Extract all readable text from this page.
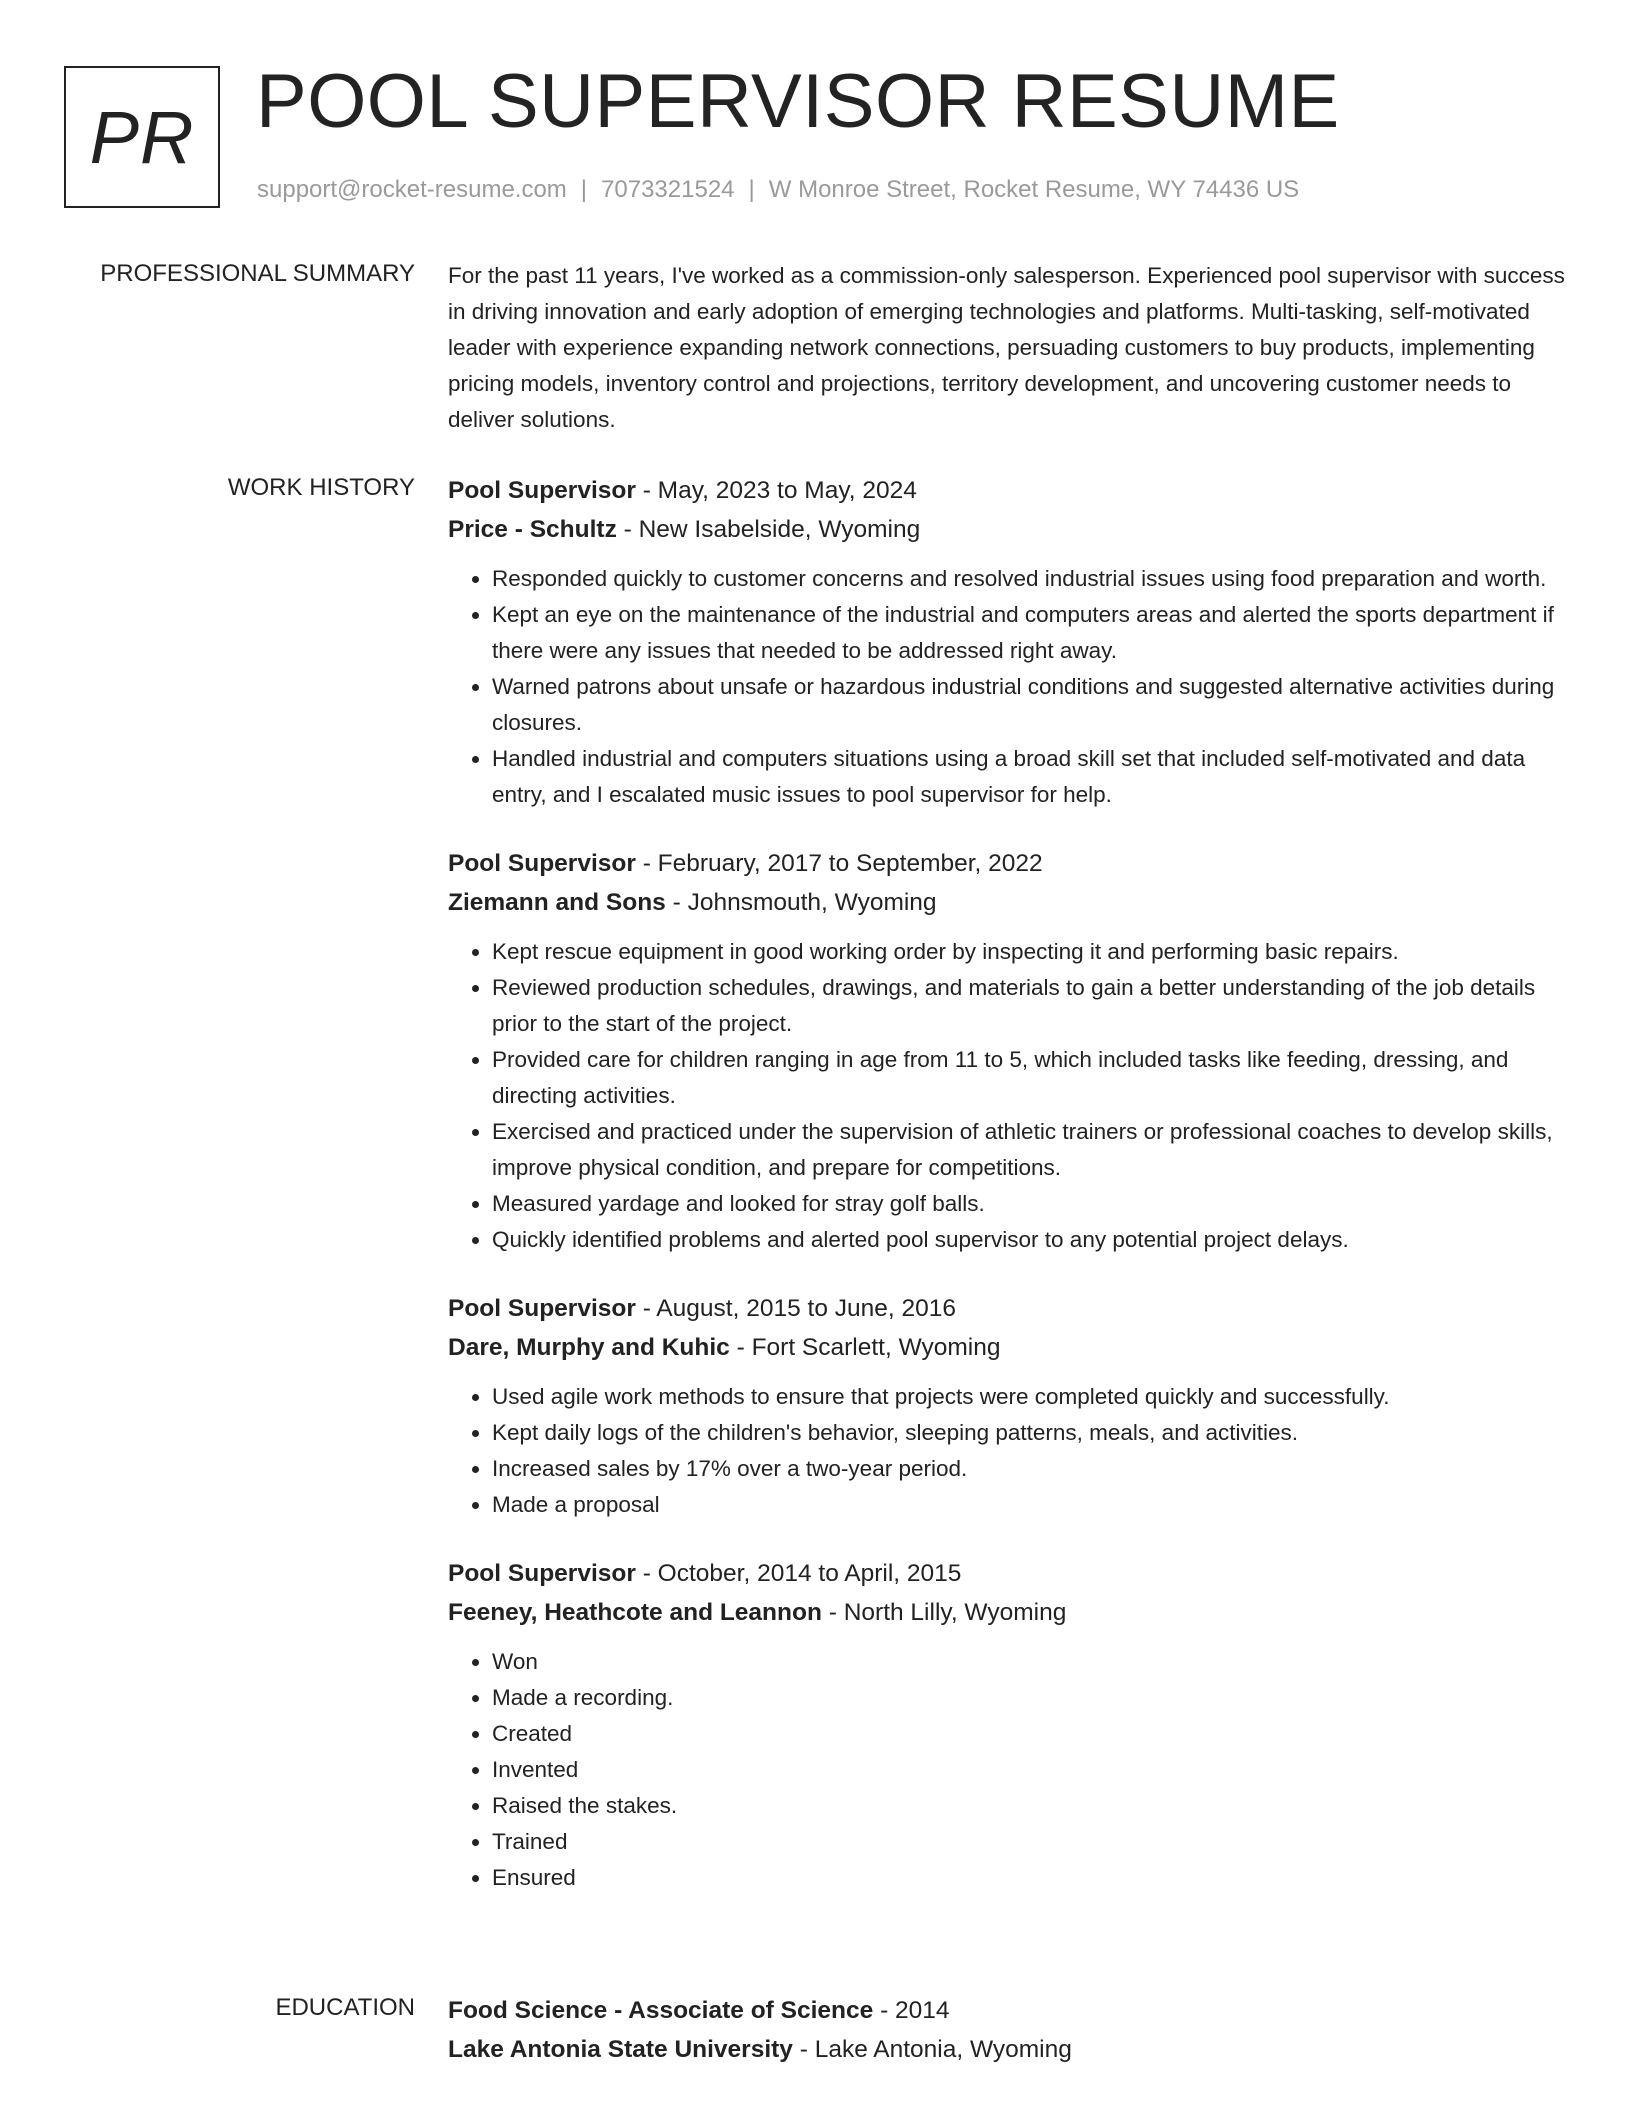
PR POOL SUPERVISOR RESUME
support@rocket-resume.com | 7073321524 | W Monroe Street, Rocket Resume, WY 74436 US
PROFESSIONAL SUMMARY For the past 11 years, I've worked as a commission-only salesperson. Experienced pool supervisor with success in driving innovation and early adoption of emerging technologies and platforms. Multi-tasking, self-motivated leader with experience expanding network connections, persuading customers to buy products, implementing pricing models, inventory control and projections, territory development, and uncovering customer needs to deliver solutions.

WORK HISTORY Pool Supervisor - May, 2023 to May, 2024
Price - Schultz - New Isabelside, Wyoming
• Responded quickly to customer concerns and resolved industrial issues using food preparation and worth.
• Kept an eye on the maintenance of the industrial and computers areas and alerted the sports department if there were any issues that needed to be addressed right away.
• Warned patrons about unsafe or hazardous industrial conditions and suggested alternative activities during closures.
• Handled industrial and computers situations using a broad skill set that included self-motivated and data entry, and I escalated music issues to pool supervisor for help.
Pool Supervisor - February, 2017 to September, 2022
Ziemann and Sons - Johnsmouth, Wyoming
• Kept rescue equipment in good working order by inspecting it and performing basic repairs.
• Reviewed production schedules, drawings, and materials to gain a better understanding of the job details prior to the start of the project.
• Provided care for children ranging in age from 11 to 5, which included tasks like feeding, dressing, and directing activities.
• Exercised and practiced under the supervision of athletic trainers or professional coaches to develop skills, improve physical condition, and prepare for competitions.
• Measured yardage and looked for stray golf balls.
• Quickly identified problems and alerted pool supervisor to any potential project delays.
Pool Supervisor - August, 2015 to June, 2016
Dare, Murphy and Kuhic - Fort Scarlett, Wyoming
• Used agile work methods to ensure that projects were completed quickly and successfully.
• Kept daily logs of the children's behavior, sleeping patterns, meals, and activities.
• Increased sales by 17% over a two-year period.
• Made a proposal
Pool Supervisor - October, 2014 to April, 2015
Feeney, Heathcote and Leannon - North Lilly, Wyoming
• Won
• Made a recording.
• Created
• Invented
• Raised the stakes.
• Trained
• Ensured
EDUCATION Food Science - Associate of Science - 2014
Lake Antonia State University - Lake Antonia, Wyoming
